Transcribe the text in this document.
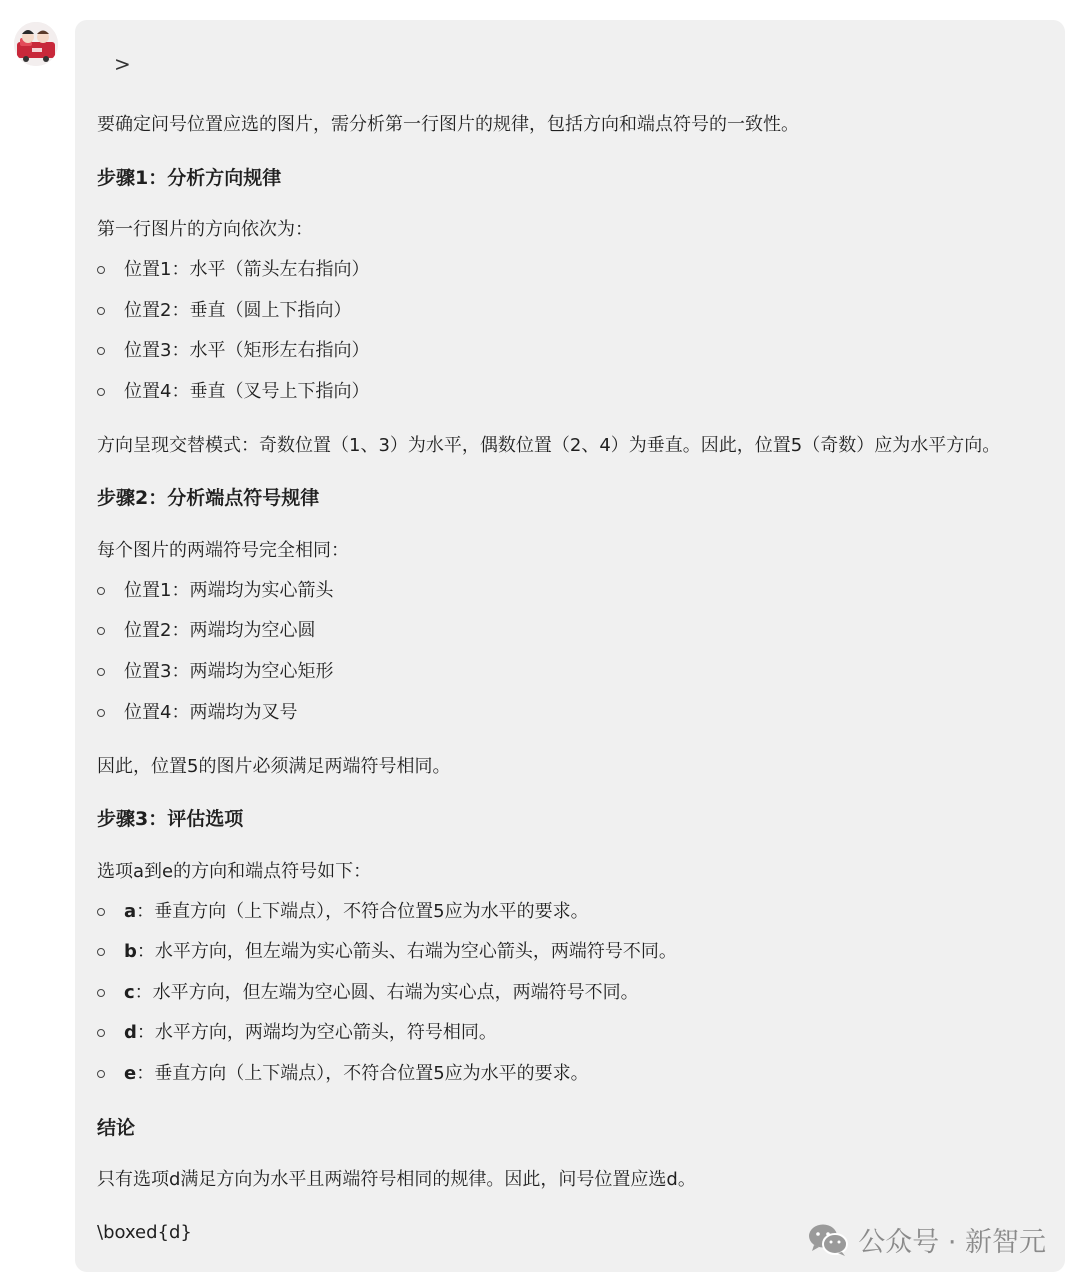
>

要确定问号位置应选的图片，需分析第一行图片的规律，包括方向和端点符号的一致性。

步骤1：分析方向规律

第一行图片的方向依次为：

位置1：水平（箭头左右指向）
位置2：垂直（圆上下指向）
位置3：水平（矩形左右指向）
位置4：垂直（叉号上下指向）

方向呈现交替模式：奇数位置（1、3）为水平，偶数位置（2、4）为垂直。因此，位置5（奇数）应为水平方向。

步骤2：分析端点符号规律

每个图片的两端符号完全相同：

位置1：两端均为实心箭头
位置2：两端均为空心圆
位置3：两端均为空心矩形
位置4：两端均为叉号

因此，位置5的图片必须满足两端符号相同。

步骤3：评估选项

选项a到e的方向和端点符号如下：

a：垂直方向（上下端点），不符合位置5应为水平的要求。
b：水平方向，但左端为实心箭头、右端为空心箭头，两端符号不同。
c：水平方向，但左端为空心圆、右端为实心点，两端符号不同。
d：水平方向，两端均为空心箭头，符号相同。
e：垂直方向（上下端点），不符合位置5应为水平的要求。

结论

只有选项d满足方向为水平且两端符号相同的规律。因此，问号位置应选d。

\boxed{d}	公众号 · 新智元
